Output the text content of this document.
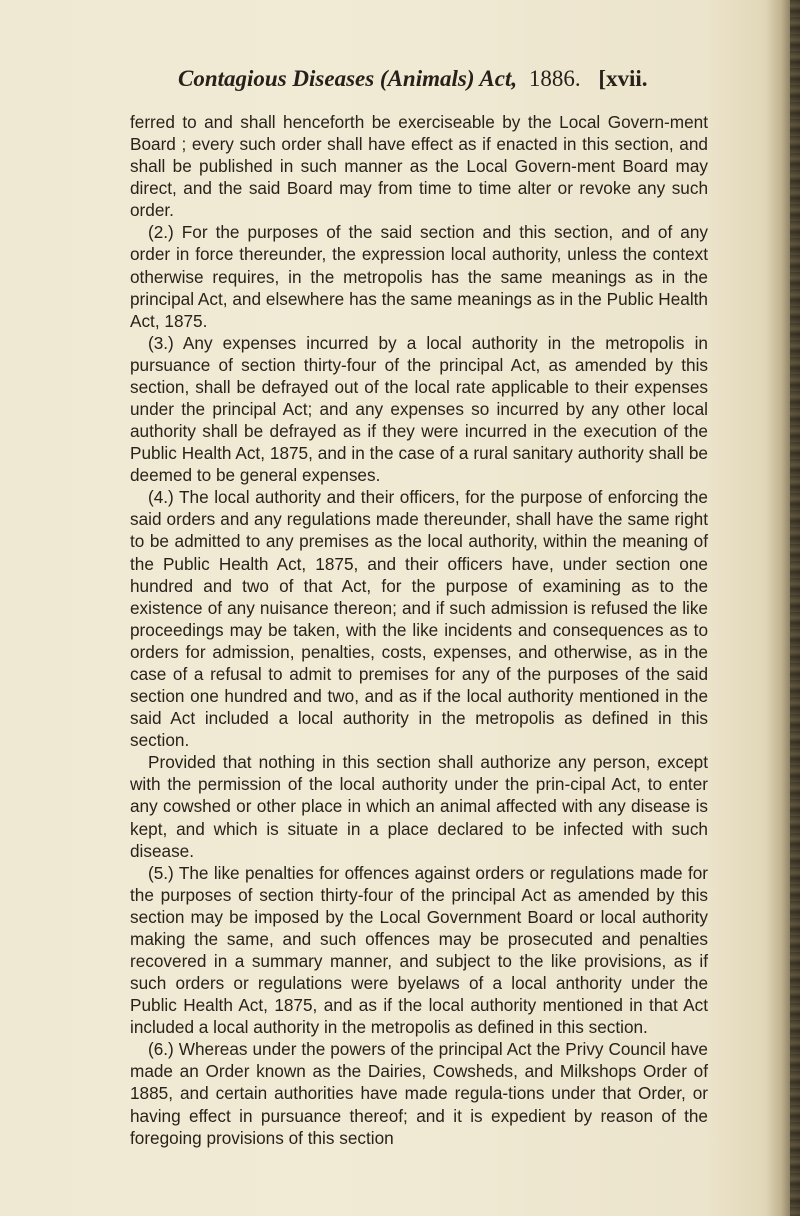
Contagious Diseases (Animals) Act, 1886. [xvii.

ferred to and shall henceforth be exerciseable by the Local Govern-ment Board ; every such order shall have effect as if enacted in this section, and shall be published in such manner as the Local Govern-ment Board may direct, and the said Board may from time to time alter or revoke any such order.

(2.) For the purposes of the said section and this section, and of any order in force thereunder, the expression local authority, unless the context otherwise requires, in the metropolis has the same meanings as in the principal Act, and elsewhere has the same meanings as in the Public Health Act, 1875.

(3.) Any expenses incurred by a local authority in the metropolis in pursuance of section thirty-four of the principal Act, as amended by this section, shall be defrayed out of the local rate applicable to their expenses under the principal Act; and any expenses so incurred by any other local authority shall be defrayed as if they were incurred in the execution of the Public Health Act, 1875, and in the case of a rural sanitary authority shall be deemed to be general expenses.

(4.) The local authority and their officers, for the purpose of enforcing the said orders and any regulations made thereunder, shall have the same right to be admitted to any premises as the local authority, within the meaning of the Public Health Act, 1875, and their officers have, under section one hundred and two of that Act, for the purpose of examining as to the existence of any nuisance thereon; and if such admission is refused the like proceedings may be taken, with the like incidents and consequences as to orders for admission, penalties, costs, expenses, and otherwise, as in the case of a refusal to admit to premises for any of the purposes of the said section one hundred and two, and as if the local authority mentioned in the said Act included a local authority in the metropolis as defined in this section.

Provided that nothing in this section shall authorize any person, except with the permission of the local authority under the prin-cipal Act, to enter any cowshed or other place in which an animal affected with any disease is kept, and which is situate in a place declared to be infected with such disease.

(5.) The like penalties for offences against orders or regulations made for the purposes of section thirty-four of the principal Act as amended by this section may be imposed by the Local Government Board or local authority making the same, and such offences may be prosecuted and penalties recovered in a summary manner, and subject to the like provisions, as if such orders or regulations were byelaws of a local anthority under the Public Health Act, 1875, and as if the local authority mentioned in that Act included a local authority in the metropolis as defined in this section.

(6.) Whereas under the powers of the principal Act the Privy Council have made an Order known as the Dairies, Cowsheds, and Milkshops Order of 1885, and certain authorities have made regula-tions under that Order, or having effect in pursuance thereof; and it is expedient by reason of the foregoing provisions of this section
